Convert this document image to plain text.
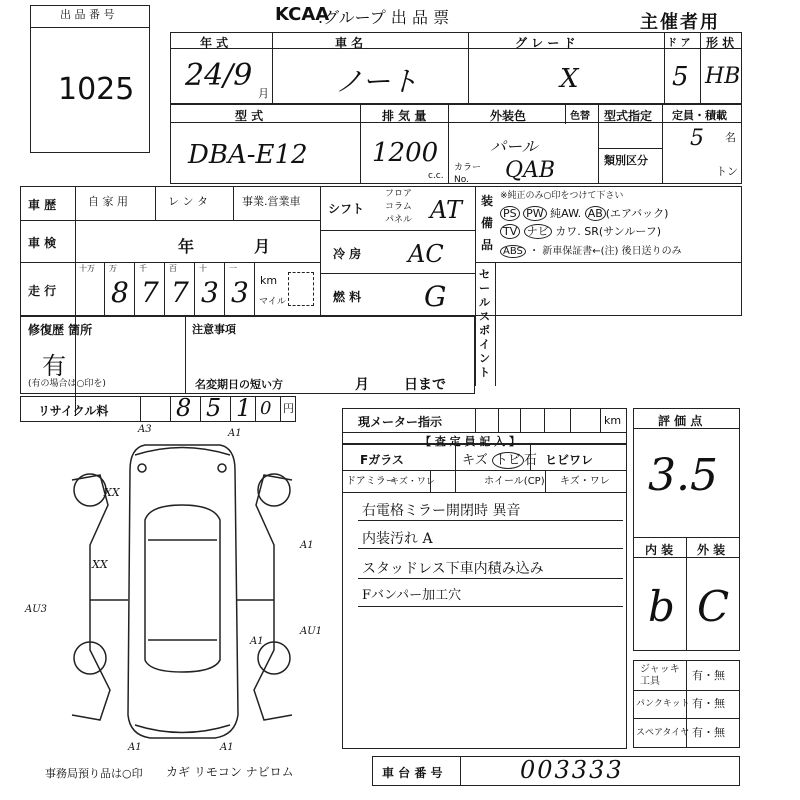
出 品 番 号
1025
KCAA
.グループ 出 品 票	主催者用
年 式
24/9
月
車 名
ノート
グ レ ー ド
X
ド ア
5
形 状
HB
型 式
DBA-E12
排 気 量
1200
c.c.
外装色	色替
パール
カラー No.	QAB
型式指定
類別区分
定員・積載
5 名
トン
車 歴	自 家 用	レ ン タ	事業.営業車
車 検	年	月
走 行
十万 万
8
千
7
百
7
十
3
一
3 km
マイル
シフト
フロア
コラム
パネル AT
冷 房 AC
燃 料 G
装備品
※純正のみ○印をつけて下さい
PS PW 純AW. AB (エアバック)
TV ナビ カワ. SR(サンルーフ)
ABS ・ 新車保証書←(注) 後日送りのみ
セールスポイント
修復歴 箇所
有
(有の場合は○印を)
注意事項
名変期日の短い方	月	日まで
リサイクル料	8 5 1 0 円
現メーター指示	km
【 査 定 員 記 入 】
Fガラス	キズ トビ 石 ヒビワレ
ドアミラー
キズ・ワレ	ホイール(CP) キズ・ワレ
右電格ミラー開閉時 異音
内装汚れ A
スタッドレス下車内積み込み
Fバンパー加工穴
評 価 点
3.5
内 装 外 装
b C
ジャッキ工具	有・無
パンクキット 有・無
スペアタイヤ 有・無
車 台 番 号	003333
事務局預り品は○印 カギ リモコン ナビロム
A3	A1
A1
A1	A1
A1
AU3
AU1
XX
XX
